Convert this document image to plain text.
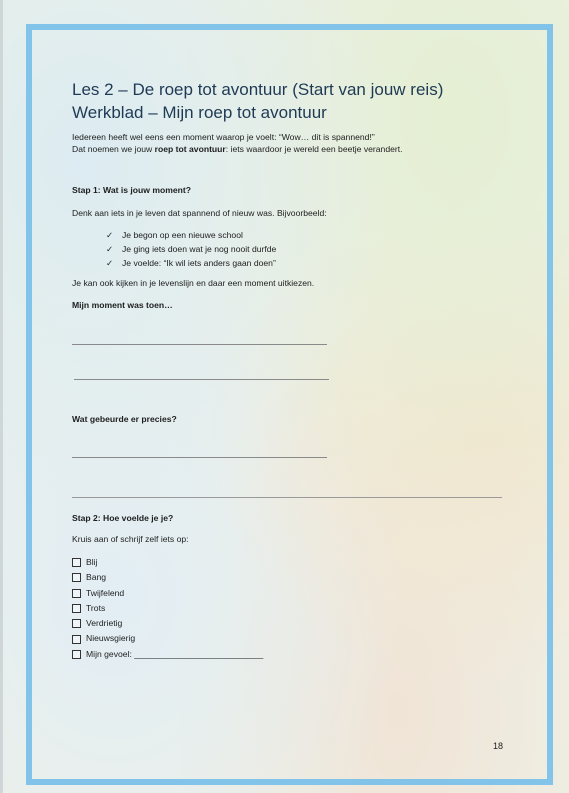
Les 2 – De roep tot avontuur (Start van jouw reis)
Werkblad – Mijn roep tot avontuur
Iedereen heeft wel eens een moment waarop je voelt: “Wow… dit is spannend!”
Dat noemen we jouw roep tot avontuur: iets waardoor je wereld een beetje verandert.
Stap 1: Wat is jouw moment?
Denk aan iets in je leven dat spannend of nieuw was. Bijvoorbeeld:
✓ Je begon op een nieuwe school
✓ Je ging iets doen wat je nog nooit durfde
✓ Je voelde: “Ik wil iets anders gaan doen”
Je kan ook kijken in je levenslijn en daar een moment uitkiezen.
Mijn moment was toen…
Wat gebeurde er precies?
Stap 2: Hoe voelde je je?
Kruis aan of schrijf zelf iets op:
Blij
Bang
Twijfelend
Trots
Verdrietig
Nieuwsgierig
Mijn gevoel: ___________________________
18
